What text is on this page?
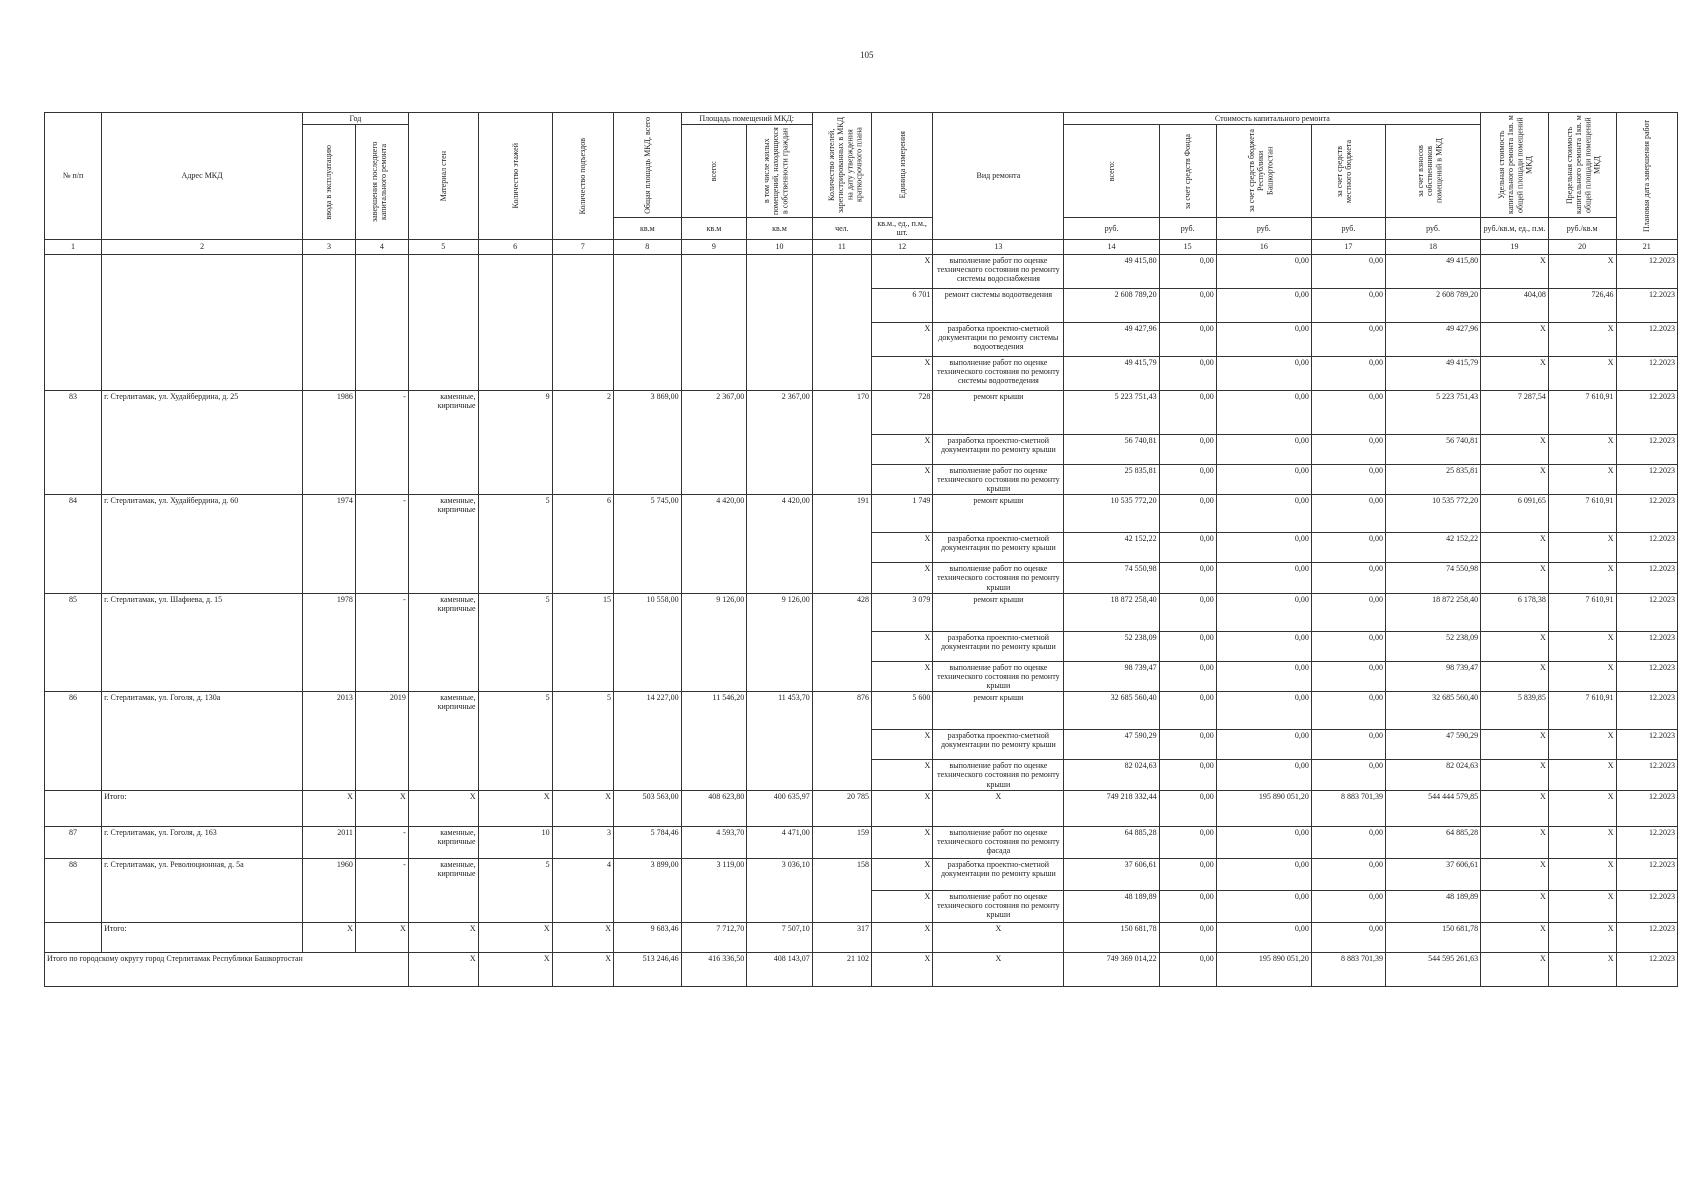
105
№ п/п	Адрес МКД	Год		Материал стен	Количество этажей	Количество подъездов	Общая площадь МКД, всего	Площадь помещений МКД:		Количество жителей, зарегистрированных в МКД на дату утверждения краткосрочного плана	Единица измерения	Вид ремонта	Стоимость капитального ремонта					Удельная стоимость капитального ремонта 1кв. м общей площади помещений МКД	Предельная стоимость капитального ремонта 1кв. м общей площади помещений МКД	Плановая дата завершения работ

		ввода в эксплуатацию	завершения последнего капитального ремонта					всего:	в том числе жилых помещений, находящихся в собственности граждан				всего:	за счет средств Фонда	за счет средств бюджета Республики Башкортостан	за счет средств местного бюджета	за счет взносов собственников помещений в МКД			

							кв.м	кв.м	кв.м	чел.	кв.м., ед., п.м., шт.		руб.	руб.	руб.	руб.	руб.	руб./кв.м, ед., п.м.	руб./кв.м	
1	2	3	4	5	6	7	8	9	10	11	12	13	14	15	16	17	18	19	20	21
											X	выполнение работ по оценке технического состояния по ремонту системы водоснабжения	49 415,80	0,00	0,00	0,00	49 415,80	X	X	12.2023
											6 701	ремонт системы водоотведения	2 608 789,20	0,00	0,00	0,00	2 608 789,20	404,08	726,46	12.2023
											X	разработка проектно-сметной документации по ремонту системы водоотведения	49 427,96	0,00	0,00	0,00	49 427,96	X	X	12.2023
											X	выполнение работ по оценке технического состояния по ремонту системы водоотведения	49 415,79	0,00	0,00	0,00	49 415,79	X	X	12.2023
83	г. Стерлитамак, ул. Худайбердина, д. 25	1986	-	каменные, кирпичные	9	2	3 869,00	2 367,00	2 367,00	170	728	ремонт крыши	5 223 751,43	0,00	0,00	0,00	5 223 751,43	7 287,54	7 610,91	12.2023
											X	разработка проектно-сметной документации по ремонту крыши	56 740,81	0,00	0,00	0,00	56 740,81	X	X	12.2023
											X	выполнение работ по оценке технического состояния по ремонту крыши	25 835,81	0,00	0,00	0,00	25 835,81	X	X	12.2023
84	г. Стерлитамак, ул. Худайбердина, д. 60	1974	-	каменные, кирпичные	5	6	5 745,00	4 420,00	4 420,00	191	1 749	ремонт крыши	10 535 772,20	0,00	0,00	0,00	10 535 772,20	6 091,65	7 610,91	12.2023
											X	разработка проектно-сметной документации по ремонту крыши	42 152,22	0,00	0,00	0,00	42 152,22	X	X	12.2023
											X	выполнение работ по оценке технического состояния по ремонту крыши	74 550,98	0,00	0,00	0,00	74 550,98	X	X	12.2023
85	г. Стерлитамак, ул. Шафиева, д. 15	1978	-	каменные, кирпичные	5	15	10 558,00	9 126,00	9 126,00	428	3 079	ремонт крыши	18 872 258,40	0,00	0,00	0,00	18 872 258,40	6 178,38	7 610,91	12.2023
											X	разработка проектно-сметной документации по ремонту крыши	52 238,09	0,00	0,00	0,00	52 238,09	X	X	12.2023
											X	выполнение работ по оценке технического состояния по ремонту крыши	98 739,47	0,00	0,00	0,00	98 739,47	X	X	12.2023
86	г. Стерлитамак, ул. Гоголя, д. 130а	2013	2019	каменные, кирпичные	5	5	14 227,00	11 546,20	11 453,70	876	5 600	ремонт крыши	32 685 560,40	0,00	0,00	0,00	32 685 560,40	5 839,85	7 610,91	12.2023
											X	разработка проектно-сметной документации по ремонту крыши	47 590,29	0,00	0,00	0,00	47 590,29	X	X	12.2023
											X	выполнение работ по оценке технического состояния по ремонту крыши	82 024,63	0,00	0,00	0,00	82 024,63	X	X	12.2023
	Итого:	X	X	X	X	X	503 563,00	408 623,80	400 635,97	20 785	X	X	749 218 332,44	0,00	195 890 051,20	8 883 701,39	544 444 579,85	X	X	12.2023
87	г. Стерлитамак, ул. Гоголя, д. 163	2011	-	каменные, кирпичные	10	3	5 784,46	4 593,70	4 471,00	159	X	выполнение работ по оценке технического состояния по ремонту фасада	64 885,28	0,00	0,00	0,00	64 885,28	X	X	12.2023
88	г. Стерлитамак, ул. Революционная, д. 5а	1960	-	каменные, кирпичные	5	4	3 899,00	3 119,00	3 036,10	158	X	разработка проектно-сметной документации по ремонту крыши	37 606,61	0,00	0,00	0,00	37 606,61	X	X	12.2023
											X	выполнение работ по оценке технического состояния по ремонту крыши	48 189,89	0,00	0,00	0,00	48 189,89	X	X	12.2023
	Итого:	X	X	X	X	X	9 683,46	7 712,70	7 507,10	317	X	X	150 681,78	0,00	0,00	0,00	150 681,78	X	X	12.2023
Итого по городскому округу город Стерлитамак Республики Башкортостан				X	X	X	513 246,46	416 336,50	408 143,07	21 102	X	X	749 369 014,22	0,00	195 890 051,20	8 883 701,39	544 595 261,63	X	X	12.2023
